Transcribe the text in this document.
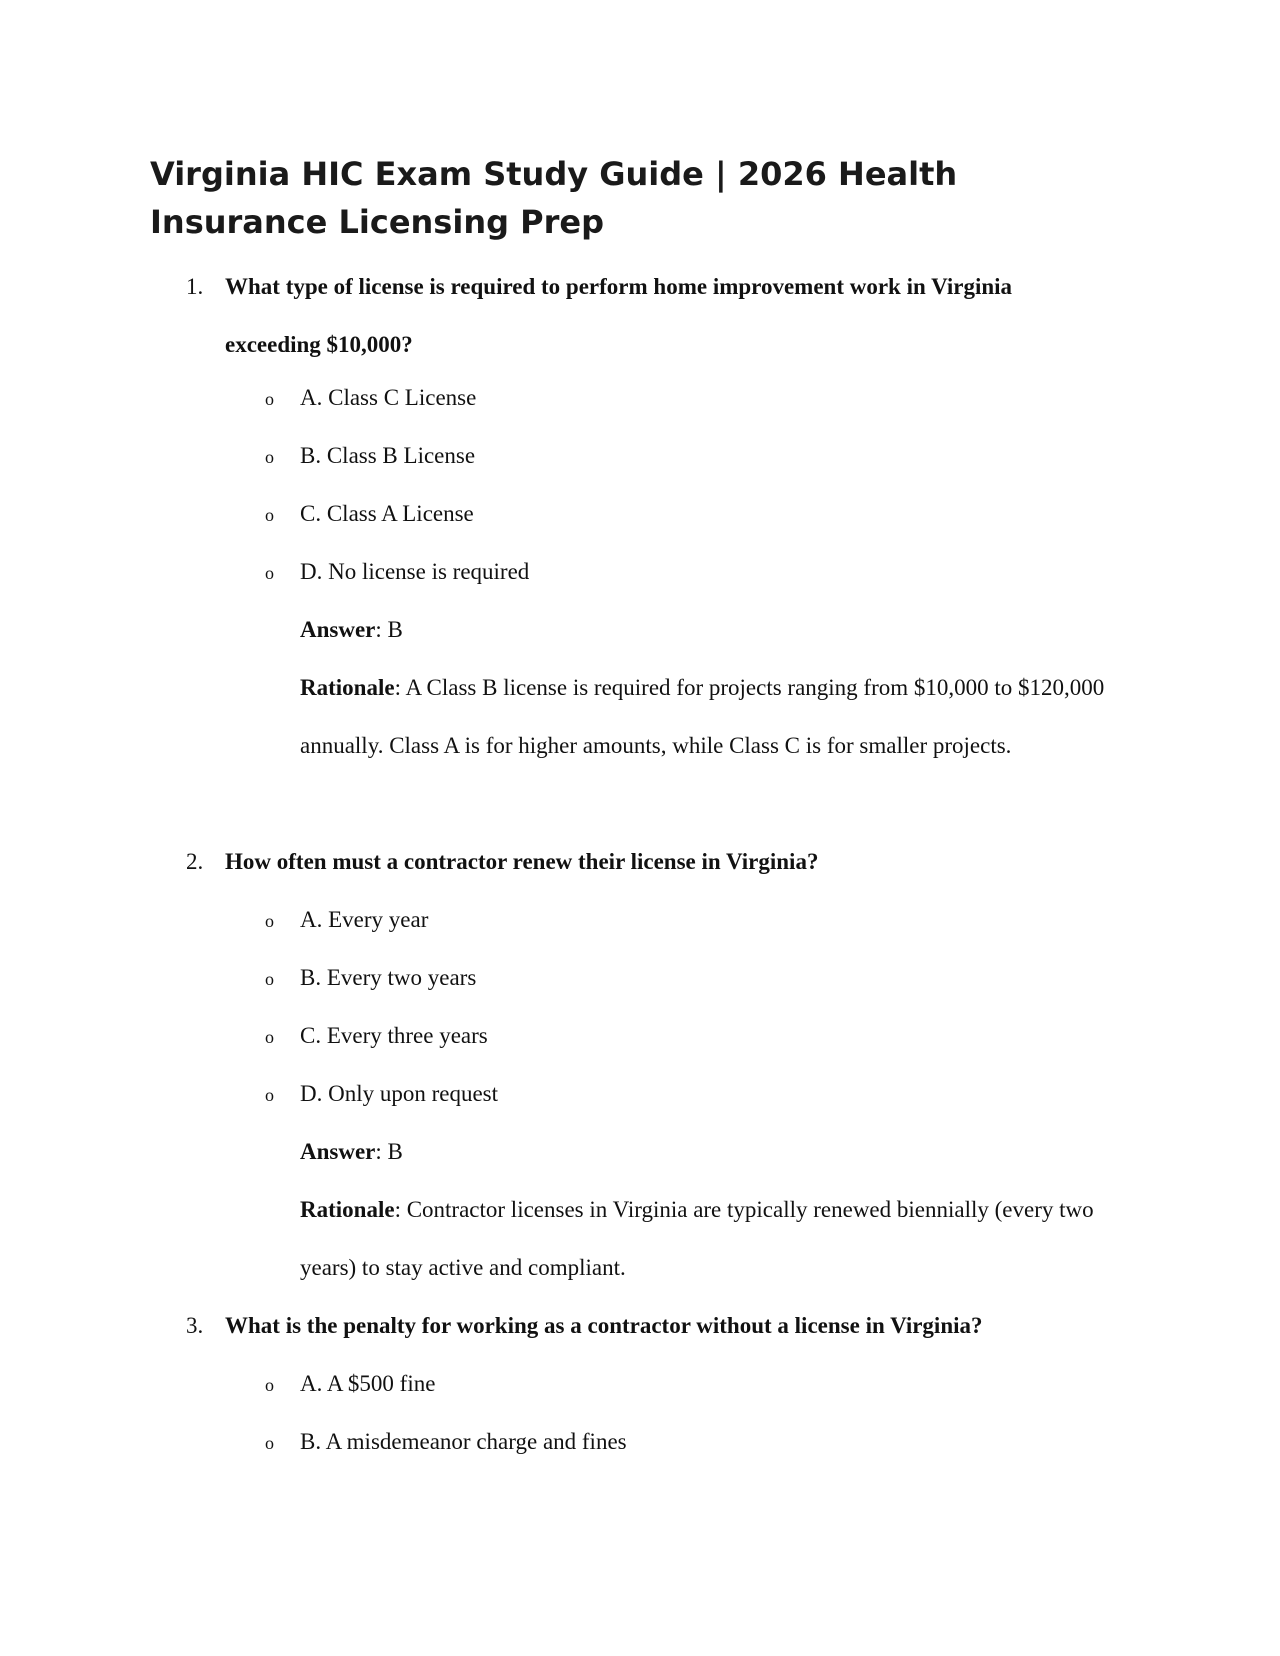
Virginia HIC Exam Study Guide | 2026 Health Insurance Licensing Prep
1. What type of license is required to perform home improvement work in Virginia exceeding $10,000?
o A. Class C License
o B. Class B License
o C. Class A License
o D. No license is required
Answer: B
Rationale: A Class B license is required for projects ranging from $10,000 to $120,000 annually. Class A is for higher amounts, while Class C is for smaller projects.
2. How often must a contractor renew their license in Virginia?
o A. Every year
o B. Every two years
o C. Every three years
o D. Only upon request
Answer: B
Rationale: Contractor licenses in Virginia are typically renewed biennially (every two years) to stay active and compliant.
3. What is the penalty for working as a contractor without a license in Virginia?
o A. A $500 fine
o B. A misdemeanor charge and fines
